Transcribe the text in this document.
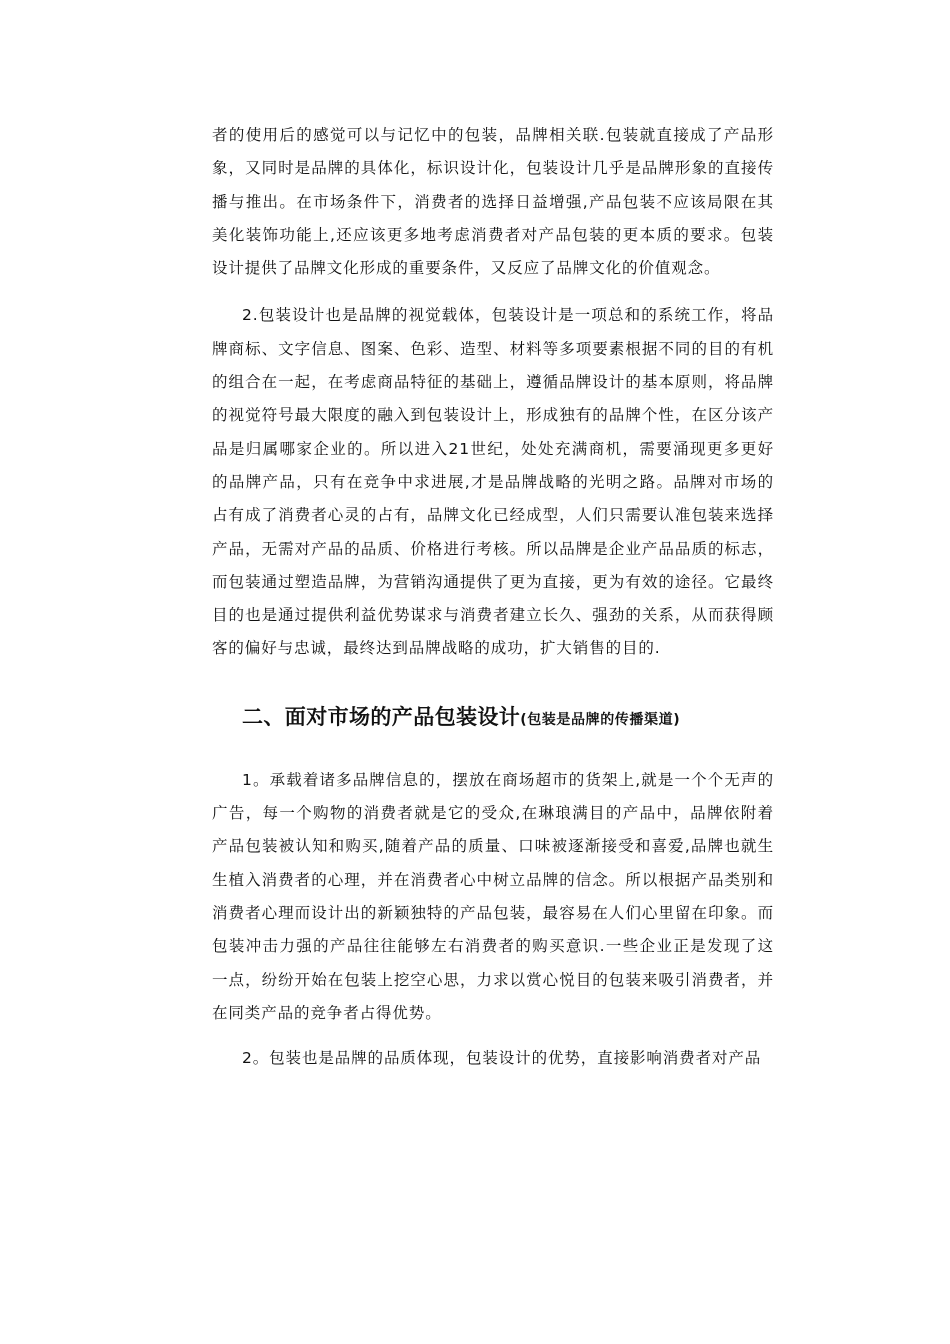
者的使用后的感觉可以与记忆中的包装，品牌相关联.包装就直接成了产品形象，又同时是品牌的具体化，标识设计化，包装设计几乎是品牌形象的直接传播与推出。在市场条件下，消费者的选择日益增强,产品包装不应该局限在其美化装饰功能上,还应该更多地考虑消费者对产品包装的更本质的要求。包装设计提供了品牌文化形成的重要条件，又反应了品牌文化的价值观念。

2.包装设计也是品牌的视觉载体，包装设计是一项总和的系统工作，将品牌商标、文字信息、图案、色彩、造型、材料等多项要素根据不同的目的有机的组合在一起，在考虑商品特征的基础上，遵循品牌设计的基本原则，将品牌的视觉符号最大限度的融入到包装设计上，形成独有的品牌个性，在区分该产品是归属哪家企业的。所以进入21世纪，处处充满商机，需要涌现更多更好的品牌产品，只有在竞争中求进展,才是品牌战略的光明之路。品牌对市场的占有成了消费者心灵的占有，品牌文化已经成型，人们只需要认准包装来选择产品，无需对产品的品质、价格进行考核。所以品牌是企业产品品质的标志，而包装通过塑造品牌，为营销沟通提供了更为直接，更为有效的途径。它最终目的也是通过提供利益优势谋求与消费者建立长久、强劲的关系，从而获得顾客的偏好与忠诚，最终达到品牌战略的成功，扩大销售的目的.

二、面对市场的产品包装设计(包装是品牌的传播渠道)

1。承载着诸多品牌信息的，摆放在商场超市的货架上,就是一个个无声的广告，每一个购物的消费者就是它的受众,在琳琅满目的产品中，品牌依附着产品包装被认知和购买,随着产品的质量、口味被逐渐接受和喜爱,品牌也就生生植入消费者的心理，并在消费者心中树立品牌的信念。所以根据产品类别和消费者心理而设计出的新颖独特的产品包装，最容易在人们心里留在印象。而包装冲击力强的产品往往能够左右消费者的购买意识.一些企业正是发现了这一点，纷纷开始在包装上挖空心思，力求以赏心悦目的包装来吸引消费者，并在同类产品的竞争者占得优势。

2。包装也是品牌的品质体现，包装设计的优势，直接影响消费者对产品
